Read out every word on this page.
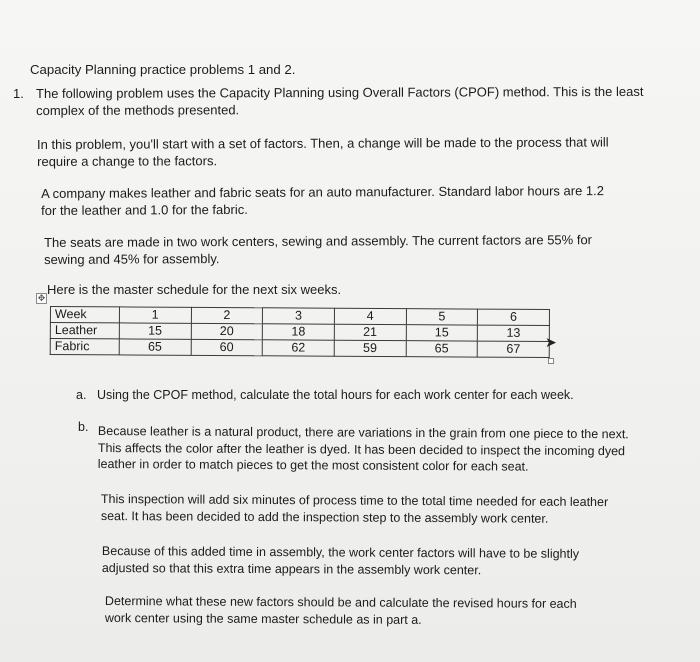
Capacity Planning practice problems 1 and 2.
1. The following problem uses the Capacity Planning using Overall Factors (CPOF) method. This is the least complex of the methods presented.
In this problem, you'll start with a set of factors. Then, a change will be made to the process that will require a change to the factors.
A company makes leather and fabric seats for an auto manufacturer. Standard labor hours are 1.2 for the leather and 1.0 for the fabric.
The seats are made in two work centers, sewing and assembly. The current factors are 55% for sewing and 45% for assembly.
Here is the master schedule for the next six weeks.
✥
Week	1	2	3	4	5	6
Leather	15	20	18	21	15	13
Fabric	65	60	62	59	65	67 ➤
a. Using the CPOF method, calculate the total hours for each work center for each week.
b. Because leather is a natural product, there are variations in the grain from one piece to the next. This affects the color after the leather is dyed. It has been decided to inspect the incoming dyed leather in order to match pieces to get the most consistent color for each seat.
This inspection will add six minutes of process time to the total time needed for each leather seat. It has been decided to add the inspection step to the assembly work center.
Because of this added time in assembly, the work center factors will have to be slightly adjusted so that this extra time appears in the assembly work center.
Determine what these new factors should be and calculate the revised hours for each work center using the same master schedule as in part a.
